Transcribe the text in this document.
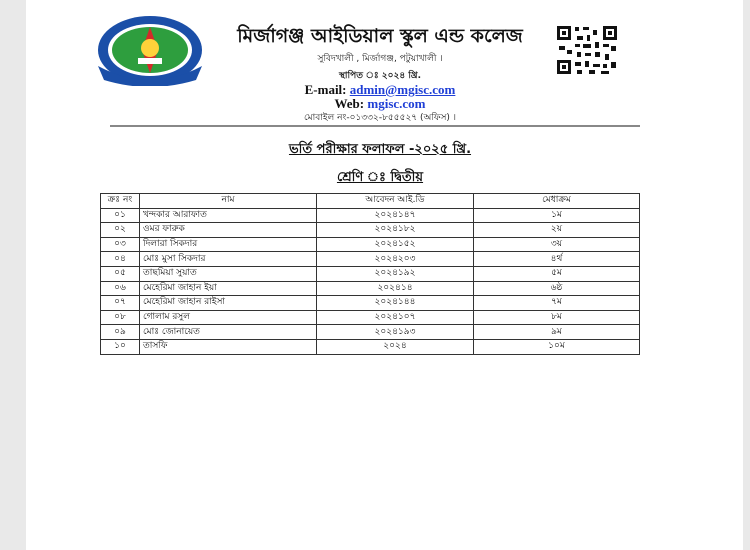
মির্জাগঞ্জ আইডিয়াল স্কুল এন্ড কলেজ
সুবিদখালী , মির্জাগঞ্জ, পটুয়াখালী ।
স্থাপিত ঃ ২০২৪ খ্রি.
E-mail: admin@mgisc.com
Web: mgisc.com
মোবাইল নং-০১৩৩২-৮৫৫৫২৭ (অফিস) ।
ভর্তি পরীক্ষার ফলাফল -২০২৫ খ্রি.
শ্রেণি ঃ দ্বিতীয়
ক্রঃ নং	নাম	আবেদন আই.ডি	মেধাক্রম
০১	খন্দকার আরাফাত	২০২৪১৪৭	১ম
০২	ওমর ফারুক	২০২৪১৮২	২য়
০৩	দিলারা সিকদার	২০২৪১৫২	৩য়
০৪	মোঃ মুসা সিকদার	২০২৪২০৩	৪র্থ
০৫	তাছমিয়া সুয়াত	২০২৪১৯২	৫ম
০৬	মেহেরিমা জাহান ইয়া	২০২৪১৪	৬ষ্ঠ
০৭	মেহেরিমা জাহান রাইসা	২০২৪১৪৪	৭ম
০৮	গোলাম রসুল	২০২৪১০৭	৮ম
০৯	মোঃ জোনায়েত	২০২৪১৯৩	৯ম
১০	তাসফি	২০২৪	১০ম
